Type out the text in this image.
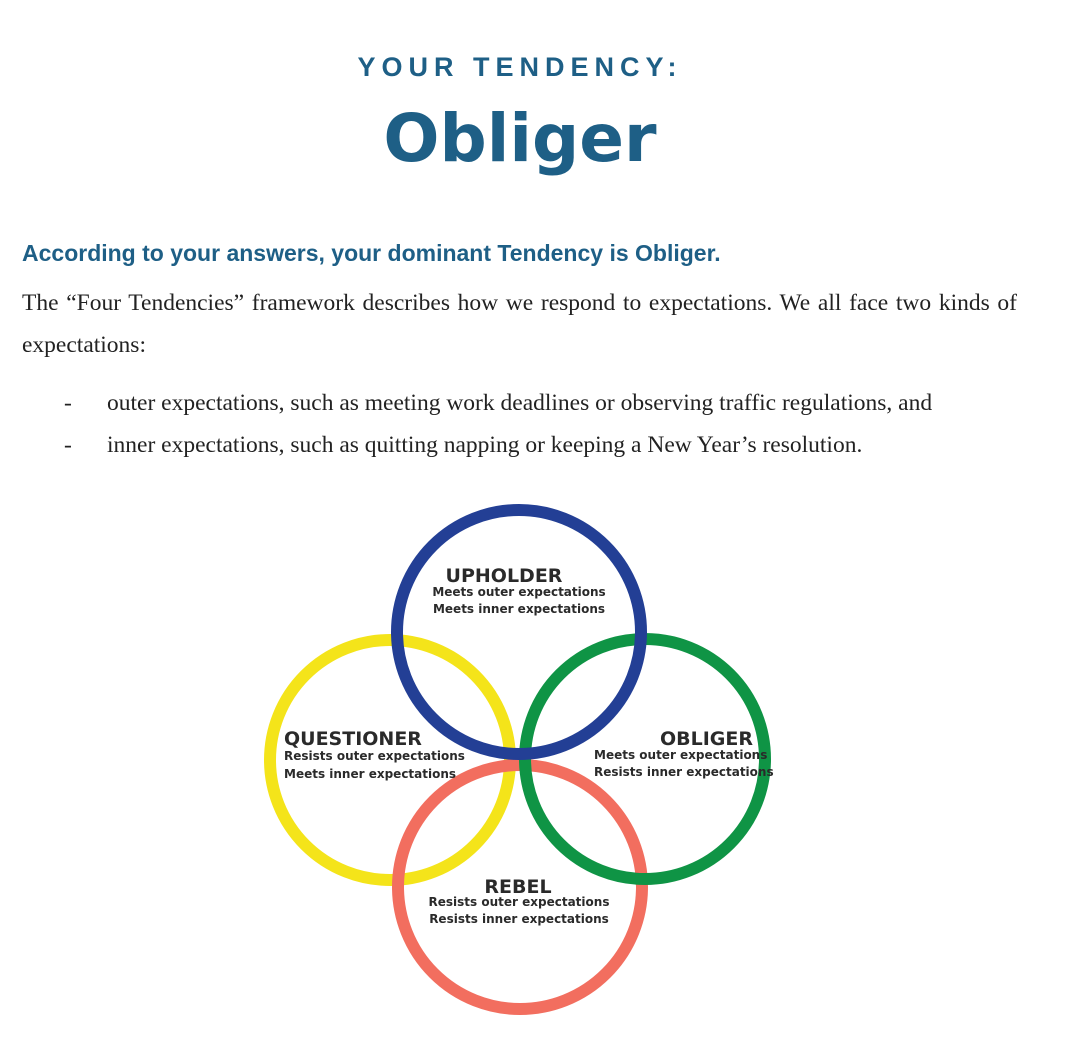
YOUR TENDENCY:
Obliger
According to your answers, your dominant Tendency is Obliger.

The “Four Tendencies” framework describes how we respond to expectations. We all face two kinds of expectations:

- outer expectations, such as meeting work deadlines or observing traffic regulations, and
- inner expectations, such as quitting napping or keeping a New Year’s resolution.
UPHOLDER
Meets outer expectations
Meets inner expectations
QUESTIONER
Resists outer expectations
Meets inner expectations
OBLIGER
Meets outer expectations
Resists inner expectations
REBEL
Resists outer expectations
Resists inner expectations
